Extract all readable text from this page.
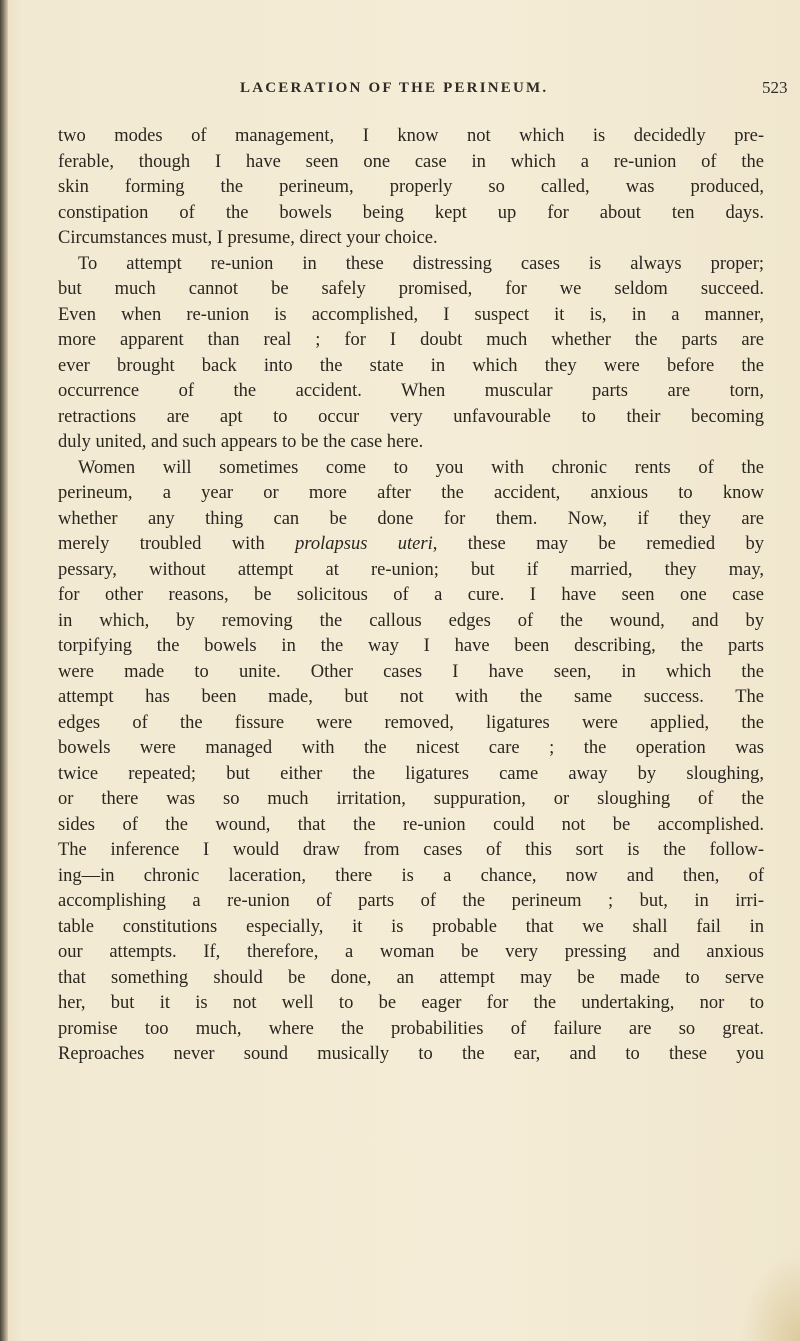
LACERATION OF THE PERINEUM.	523
two modes of management, I know not which is decidedly pre-
ferable, though I have seen one case in which a re-union of the
skin forming the perineum, properly so called, was produced,
constipation of the bowels being kept up for about ten days.
Circumstances must, I presume, direct your choice.
To attempt re-union in these distressing cases is always proper;
but much cannot be safely promised, for we seldom succeed.
Even when re-union is accomplished, I suspect it is, in a manner,
more apparent than real ; for I doubt much whether the parts are
ever brought back into the state in which they were before the
occurrence of the accident. When muscular parts are torn,
retractions are apt to occur very unfavourable to their becoming
duly united, and such appears to be the case here.
Women will sometimes come to you with chronic rents of the
perineum, a year or more after the accident, anxious to know
whether any thing can be done for them. Now, if they are
merely troubled with prolapsus uteri, these may be remedied by
pessary, without attempt at re-union; but if married, they may,
for other reasons, be solicitous of a cure. I have seen one case
in which, by removing the callous edges of the wound, and by
torpifying the bowels in the way I have been describing, the parts
were made to unite. Other cases I have seen, in which the
attempt has been made, but not with the same success. The
edges of the fissure were removed, ligatures were applied, the
bowels were managed with the nicest care ; the operation was
twice repeated; but either the ligatures came away by sloughing,
or there was so much irritation, suppuration, or sloughing of the
sides of the wound, that the re-union could not be accomplished.
The inference I would draw from cases of this sort is the follow-
ing—in chronic laceration, there is a chance, now and then, of
accomplishing a re-union of parts of the perineum ; but, in irri-
table constitutions especially, it is probable that we shall fail in
our attempts. If, therefore, a woman be very pressing and anxious
that something should be done, an attempt may be made to serve
her, but it is not well to be eager for the undertaking, nor to
promise too much, where the probabilities of failure are so great.
Reproaches never sound musically to the ear, and to these you
